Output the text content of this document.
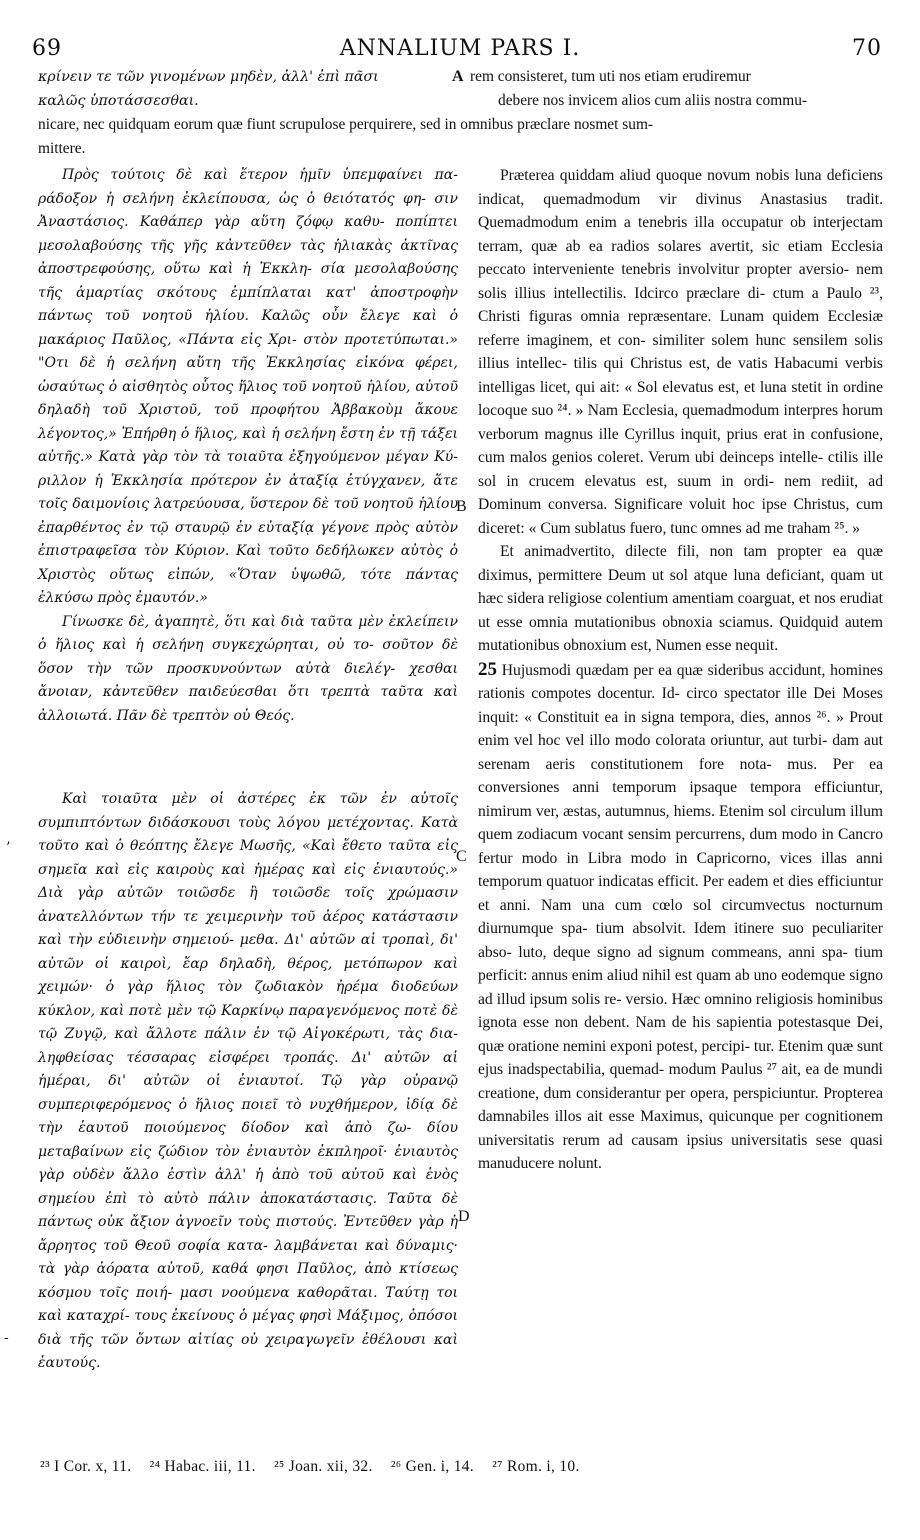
69	ANNALIUM PARS I.	70
κρίνειν τε τῶν γινομένων μηδὲν, ἀλλ' ἐπὶ πᾶσι
καλῶς ὑποτάσσεσθαι.
A rem consisteret, tum uti nos etiam erudiremur
debere nos invicem alios cum aliis nostra commu-
nicare, nec quidquam eorum quæ fiunt scrupulose perquirere, sed in omnibus præclare nosmet sum-
mittere.

Πρὸς τούτοις δὲ καὶ ἕτερον ἡμῖν ὑπεμφαίνει πα- ράδοξον ἡ σελήνη ἐκλείπουσα, ὡς ὁ θειότατός φη- σιν Ἀναστάσιος. Καθάπερ γὰρ αὕτη ζόφῳ καθυ- ποπίπτει μεσολαβούσης τῆς γῆς κἀντεῦθεν τὰς ἡλιακὰς ἀκτῖνας ἀποστρεφούσης, οὕτω καὶ ἡ Ἐκκλη- σία μεσολαβούσης τῆς ἁμαρτίας σκότους ἐμπίπλαται κατ' ἀποστροφὴν πάντως τοῦ νοητοῦ ἡλίου. Καλῶς οὖν ἔλεγε καὶ ὁ μακάριος Παῦλος, «Πάντα εἰς Χρι- στὸν προτετύπωται.» "Οτι δὲ ἡ σελήνη αὕτη τῆς Ἐκκλησίας εἰκόνα φέρει, ὡσαύτως ὁ αἰσθητὸς οὗτος ἥλιος τοῦ νοητοῦ ἡλίου, αὐτοῦ δηλαδὴ τοῦ Χριστοῦ, τοῦ προφήτου Ἀββακοὺμ ἄκουε λέγοντος,» Ἐπήρθη ὁ ἥλιος, καὶ ἡ σελήνη ἔστη ἐν τῇ τάξει αὐτῆς.» Κατὰ γὰρ τὸν τὰ τοιαῦτα ἐξηγούμενον μέγαν Κύ- ριλλον ἡ Ἐκκλησία πρότερον ἐν ἀταξίᾳ ἐτύγχανεν, ἅτε τοῖς δαιμονίοις λατρεύουσα, ὕστερον δὲ τοῦ νοητοῦ ἡλίου ἐπαρθέντος ἐν τῷ σταυρῷ ἐν εὐταξίᾳ γέγονε πρὸς αὐτὸν ἐπιστραφεῖσα τὸν Κύριον. Καὶ τοῦτο δεδήλωκεν αὐτὸς ὁ Χριστὸς οὕτως εἰπών, «Ὅταν ὑψωθῶ, τότε πάντας ἑλκύσω πρὸς ἐμαυτόν.»

Γίνωσκε δὲ, ἀγαπητὲ, ὅτι καὶ διὰ ταῦτα μὲν ἐκλείπειν ὁ ἥλιος καὶ ἡ σελήνη συγκεχώρηται, οὐ το- σοῦτον δὲ ὅσον τὴν τῶν προσκυνούντων αὐτὰ διελέγ- χεσθαι ἄνοιαν, κἀντεῦθεν παιδεύεσθαι ὅτι τρεπτὰ ταῦτα καὶ ἀλλοιωτά. Πᾶν δὲ τρεπτὸν οὐ Θεός.

Καὶ τοιαῦτα μὲν οἱ ἀστέρες ἐκ τῶν ἐν αὐτοῖς συμπιπτόντων διδάσκουσι τοὺς λόγου μετέχοντας. Κατὰ τοῦτο καὶ ὁ θεόπτης ἔλεγε Μωσῆς, «Καὶ ἔθετο ταῦτα εἰς σημεῖα καὶ εἰς καιροὺς καὶ ἡμέρας καὶ εἰς ἐνιαυτούς.» Διὰ γὰρ αὐτῶν τοιῶσδε ἢ τοιῶσδε τοῖς χρώμασιν ἀνατελλόντων τήν τε χειμερινὴν τοῦ ἀέρος κατάστασιν καὶ τὴν εὐδιεινὴν σημειού- μεθα. Δι' αὐτῶν αἱ τροπαὶ, δι' αὐτῶν οἱ καιροὶ, ἔαρ δηλαδὴ, θέρος, μετόπωρον καὶ χειμών· ὁ γὰρ ἥλιος τὸν ζωδιακὸν ἠρέμα διοδεύων κύκλον, καὶ ποτὲ μὲν τῷ Καρκίνῳ παραγενόμενος ποτὲ δὲ τῷ Ζυγῷ, καὶ ἄλλοτε πάλιν ἐν τῷ Αἰγοκέρωτι, τὰς δια- ληφθείσας τέσσαρας εἰσφέρει τροπάς. Δι' αὐτῶν αἱ ἡμέραι, δι' αὐτῶν οἱ ἐνιαυτοί. Τῷ γὰρ οὐρανῷ συμπεριφερόμενος ὁ ἥλιος ποιεῖ τὸ νυχθήμερον, ἰδίᾳ δὲ τὴν ἑαυτοῦ ποιούμενος δίοδον καὶ ἀπὸ ζω- δίου μεταβαίνων εἰς ζώδιον τὸν ἐνιαυτὸν ἐκπληροῖ· ἐνιαυτὸς γὰρ οὐδὲν ἄλλο ἐστὶν ἀλλ' ἡ ἀπὸ τοῦ αὐτοῦ καὶ ἑνὸς σημείου ἐπὶ τὸ αὐτὸ πάλιν ἀποκατάστασις. Ταῦτα δὲ πάντως οὐκ ἄξιον ἀγνοεῖν τοὺς πιστούς. Ἐντεῦθεν γὰρ ἡ ἄρρητος τοῦ Θεοῦ σοφία κατα- λαμβάνεται καὶ δύναμις· τὰ γὰρ ἀόρατα αὐτοῦ, καθά φησι Παῦλος, ἀπὸ κτίσεως κόσμου τοῖς ποιή- μασι νοούμενα καθορᾶται. Ταύτῃ τοι καὶ καταχρί- τους ἐκείνους ὁ μέγας φησὶ Μάξιμος, ὁπόσοι διὰ τῆς τῶν ὄντων αἰτίας οὐ χειραγωγεῖν ἐθέλουσι καὶ ἑαυτούς.

B
C
D

Præterea quiddam aliud quoque novum nobis luna deficiens indicat, quemadmodum vir divinus Anastasius tradit. Quemadmodum enim a tenebris illa occupatur ob interjectam terram, quæ ab ea radios solares avertit, sic etiam Ecclesia peccato interveniente tenebris involvitur propter aversio- nem solis illius intellectilis. Idcirco præclare di- ctum a Paulo ²³, Christi figuras omnia repræsentare. Lunam quidem Ecclesiæ referre imaginem, et con- similiter solem hunc sensilem solis illius intellec- tilis qui Christus est, de vatis Habacumi verbis intelligas licet, qui ait: « Sol elevatus est, et luna stetit in ordine locoque suo ²⁴. » Nam Ecclesia, quemadmodum interpres horum verborum magnus ille Cyrillus inquit, prius erat in confusione, cum malos genios coleret. Verum ubi deinceps intelle- ctilis ille sol in crucem elevatus est, suum in ordi- nem rediit, ad Dominum conversa. Significare voluit hoc ipse Christus, cum diceret: « Cum sublatus fuero, tunc omnes ad me traham ²⁵. »

Et animadvertito, dilecte fili, non tam propter ea quæ diximus, permittere Deum ut sol atque luna deficiant, quam ut hæc sidera religiose colentium amentiam coarguat, et nos erudiat ut esse omnia mutationibus obnoxia sciamus. Quidquid autem mutationibus obnoxium est, Numen esse nequit.

25 Hujusmodi quædam per ea quæ sideribus accidunt, homines rationis compotes docentur. Id- circo spectator ille Dei Moses inquit: « Constituit ea in signa tempora, dies, annos ²⁶. » Prout enim vel hoc vel illo modo colorata oriuntur, aut turbi- dam aut serenam aeris constitutionem fore nota- mus. Per ea conversiones anni temporum ipsaque tempora efficiuntur, nimirum ver, æstas, autumnus, hiems. Etenim sol circulum illum quem zodiacum vocant sensim percurrens, dum modo in Cancro fertur modo in Libra modo in Capricorno, vices illas anni temporum quatuor indicatas efficit. Per eadem et dies efficiuntur et anni. Nam una cum cœlo sol circumvectus nocturnum diurnumque spa- tium absolvit. Idem itinere suo peculiariter abso- luto, deque signo ad signum commeans, anni spa- tium perficit: annus enim aliud nihil est quam ab uno eodemque signo ad illud ipsum solis re- versio. Hæc omnino religiosis hominibus ignota esse non debent. Nam de his sapientia potestasque Dei, quæ oratione nemini exponi potest, percipi- tur. Etenim quæ sunt ejus inadspectabilia, quemad- modum Paulus ²⁷ ait, ea de mundi creatione, dum considerantur per opera, perspiciuntur. Propterea damnabiles illos ait esse Maximus, quicunque per cognitionem universitatis rerum ad causam ipsius universitatis sese quasi manuducere nolunt.

’
-
²³ I Cor. x, 11. ²⁴ Habac. iii, 11. ²⁵ Joan. xii, 32. ²⁶ Gen. i, 14. ²⁷ Rom. i, 10.
